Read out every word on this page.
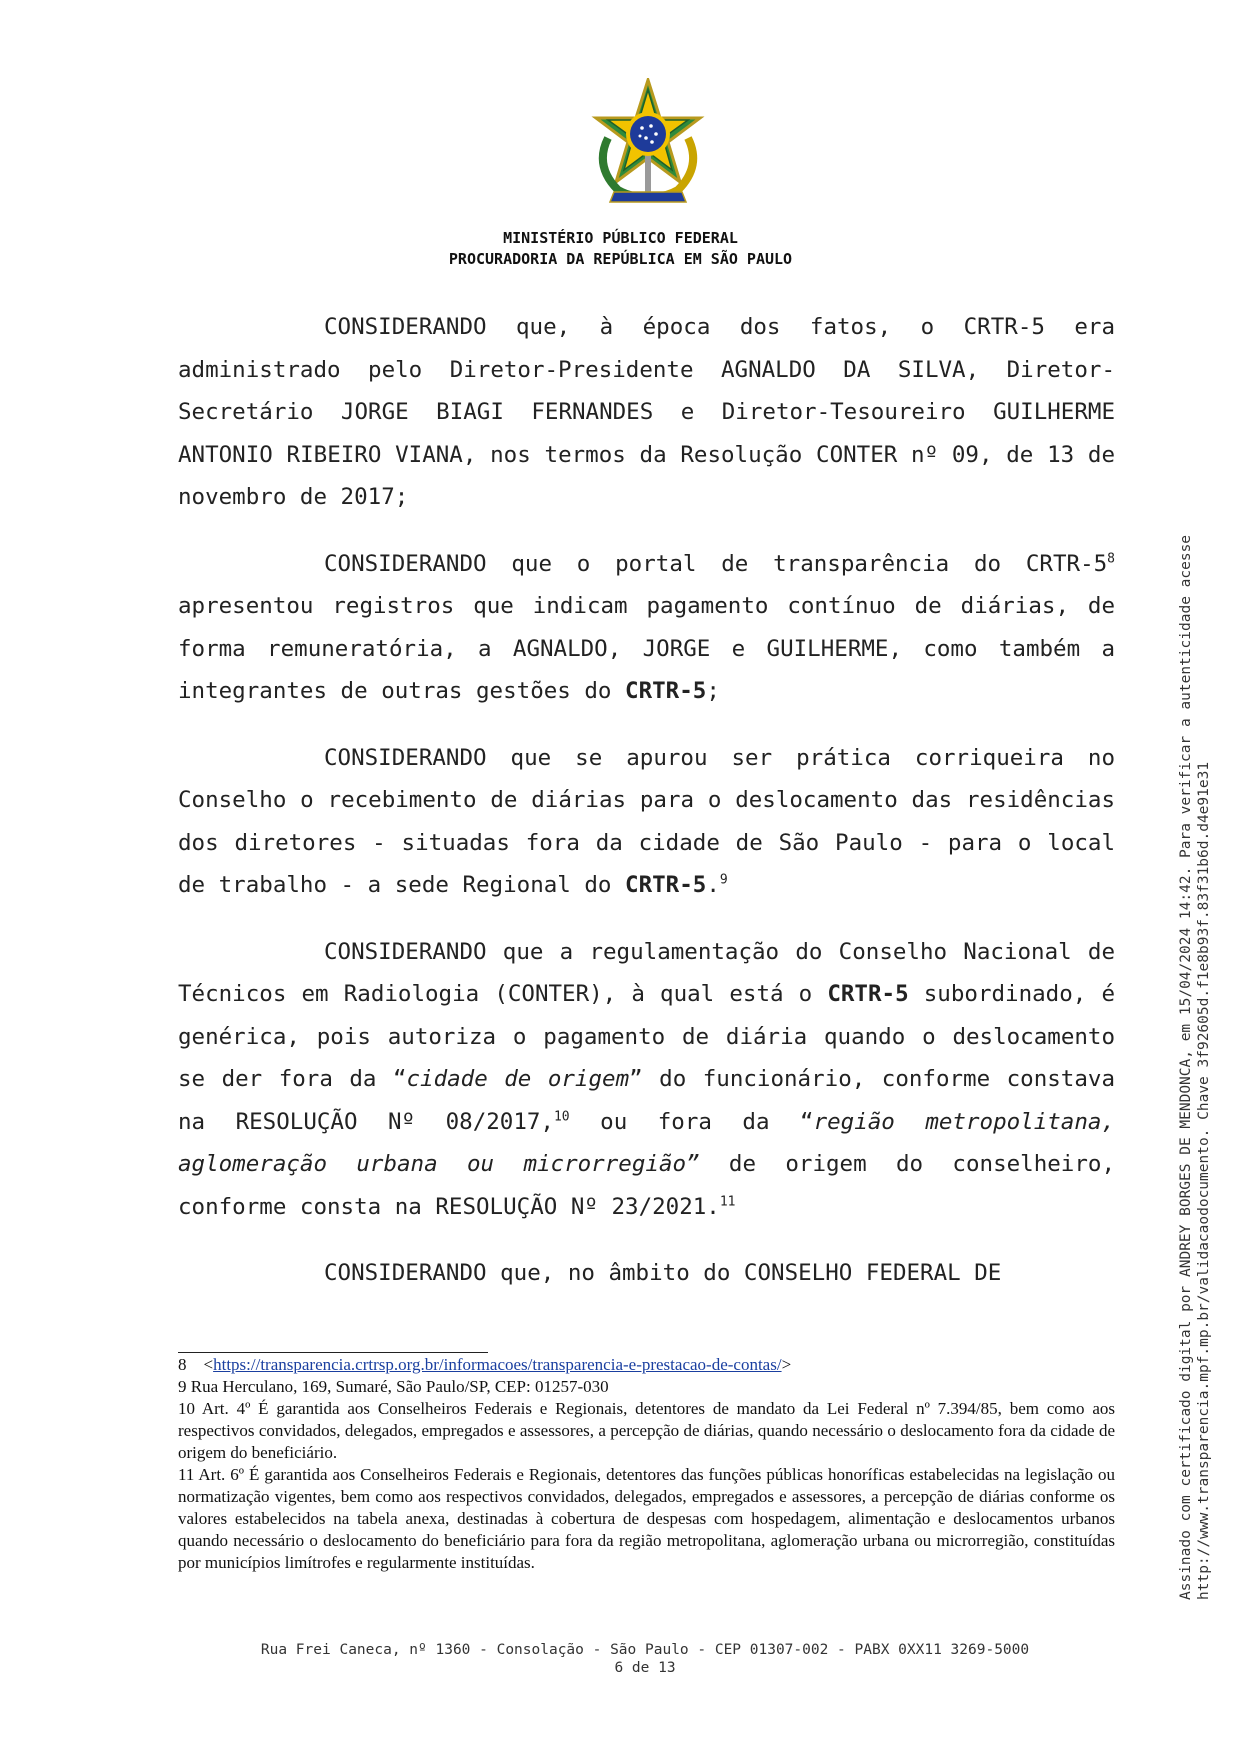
MINISTÉRIO PÚBLICO FEDERAL
PROCURADORIA DA REPÚBLICA EM SÃO PAULO

CONSIDERANDO que, à época dos fatos, o CRTR-5 era administrado pelo Diretor-Presidente AGNALDO DA SILVA, Diretor-Secretário JORGE BIAGI FERNANDES e Diretor-Tesoureiro GUILHERME ANTONIO RIBEIRO VIANA, nos termos da Resolução CONTER nº 09, de 13 de novembro de 2017;

CONSIDERANDO que o portal de transparência do CRTR-$5^8$ apresentou registros que indicam pagamento contínuo de diárias, de forma remuneratória, a AGNALDO, JORGE e GUILHERME, como também a integrantes de outras gestões do CRTR-5;

CONSIDERANDO que se apurou ser prática corriqueira no Conselho o recebimento de diárias para o deslocamento das residências dos diretores - situadas fora da cidade de São Paulo - para o local de trabalho - a sede Regional do CRTR-5.$^9$

CONSIDERANDO que a regulamentação do Conselho Nacional de Técnicos em Radiologia (CONTER), à qual está o CRTR-5 subordinado, é genérica, pois autoriza o pagamento de diária quando o deslocamento se der fora da “cidade de origem” do funcionário, conforme constava na RESOLUÇÃO Nº 08/2017,10 ou fora da “região metropolitana, aglomeração urbana ou microrregião” de origem do conselheiro, conforme consta na RESOLUÇÃO Nº 23/2021.11

CONSIDERANDO que, no âmbito do CONSELHO FEDERAL DE

8 <https://transparencia.crtrsp.org.br/informacoes/transparencia-e-prestacao-de-contas/>

9 Rua Herculano, 169, Sumaré, São Paulo/SP, CEP: 01257-030

10 Art. 4º É garantida aos Conselheiros Federais e Regionais, detentores de mandato da Lei Federal nº 7.394/85, bem como aos respectivos convidados, delegados, empregados e assessores, a percepção de diárias, quando necessário o deslocamento fora da cidade de origem do beneficiário.

11 Art. 6º É garantida aos Conselheiros Federais e Regionais, detentores das funções públicas honoríficas estabelecidas na legislação ou normatização vigentes, bem como aos respectivos convidados, delegados, empregados e assessores, a percepção de diárias conforme os valores estabelecidos na tabela anexa, destinadas à cobertura de despesas com hospedagem, alimentação e deslocamentos urbanos quando necessário o deslocamento do beneficiário para fora da região metropolitana, aglomeração urbana ou microrregião, constituídas por municípios limítrofes e regularmente instituídas.

Rua Frei Caneca, nº 1360 - Consolação - São Paulo - CEP 01307-002 - PABX 0XX11 3269-5000
6 de 13
Assinado com certificado digital por ANDREY BORGES DE MENDONCA, em 15/04/2024 14:42. Para verificar a autenticidade acesse http://www.transparencia.mpf.mp.br/validacaodocumento. Chave 3f92605d.f1e8b93f.83f31b6d.d4e91e31
